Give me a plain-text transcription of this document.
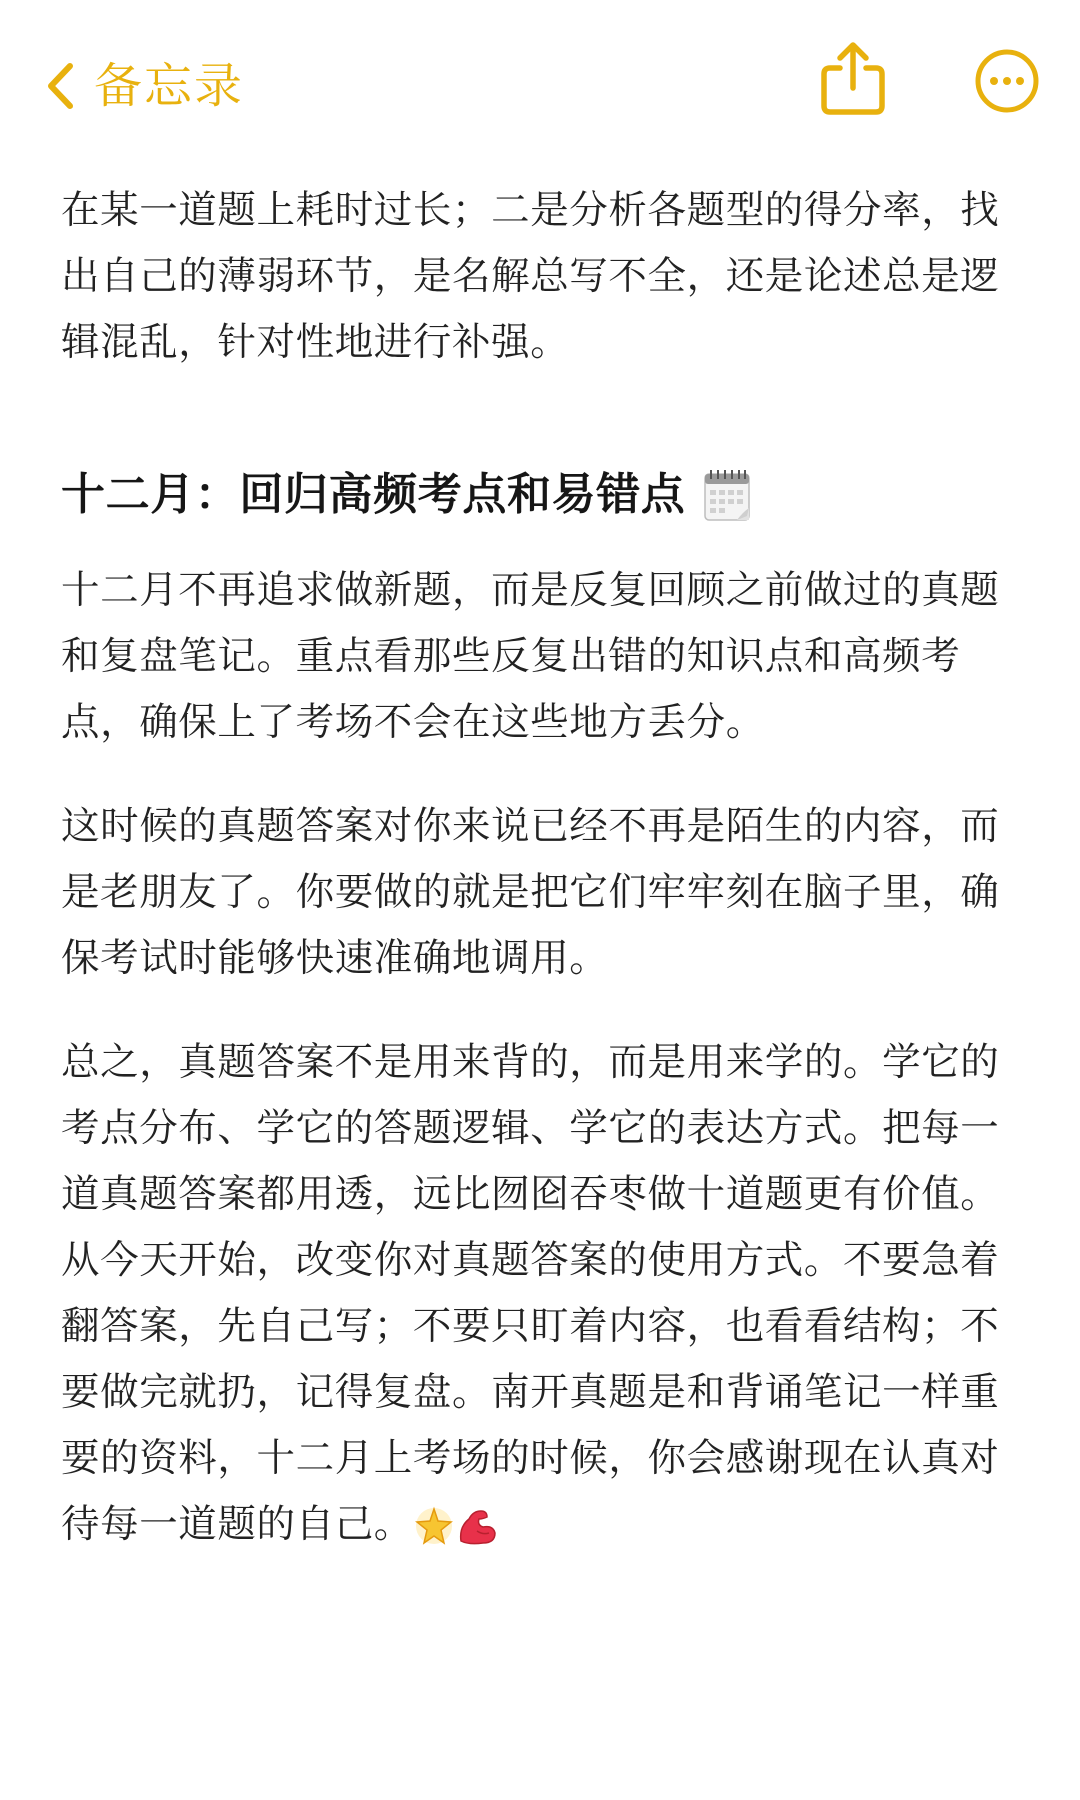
备忘录

在某一道题上耗时过长；二是分析各题型的得分率，找出自己的薄弱环节，是名解总写不全，还是论述总是逻辑混乱，针对性地进行补强。

十二月：回归高频考点和易错点

十二月不再追求做新题，而是反复回顾之前做过的真题和复盘笔记。重点看那些反复出错的知识点和高频考点，确保上了考场不会在这些地方丢分。

这时候的真题答案对你来说已经不再是陌生的内容，而是老朋友了。你要做的就是把它们牢牢刻在脑子里，确保考试时能够快速准确地调用。

总之，真题答案不是用来背的，而是用来学的。学它的考点分布、学它的答题逻辑、学它的表达方式。把每一道真题答案都用透，远比囫囵吞枣做十道题更有价值。从今天开始，改变你对真题答案的使用方式。不要急着翻答案，先自己写；不要只盯着内容，也看看结构；不要做完就扔，记得复盘。南开真题是和背诵笔记一样重要的资料，十二月上考场的时候，你会感谢现在认真对待每一道题的自己。
